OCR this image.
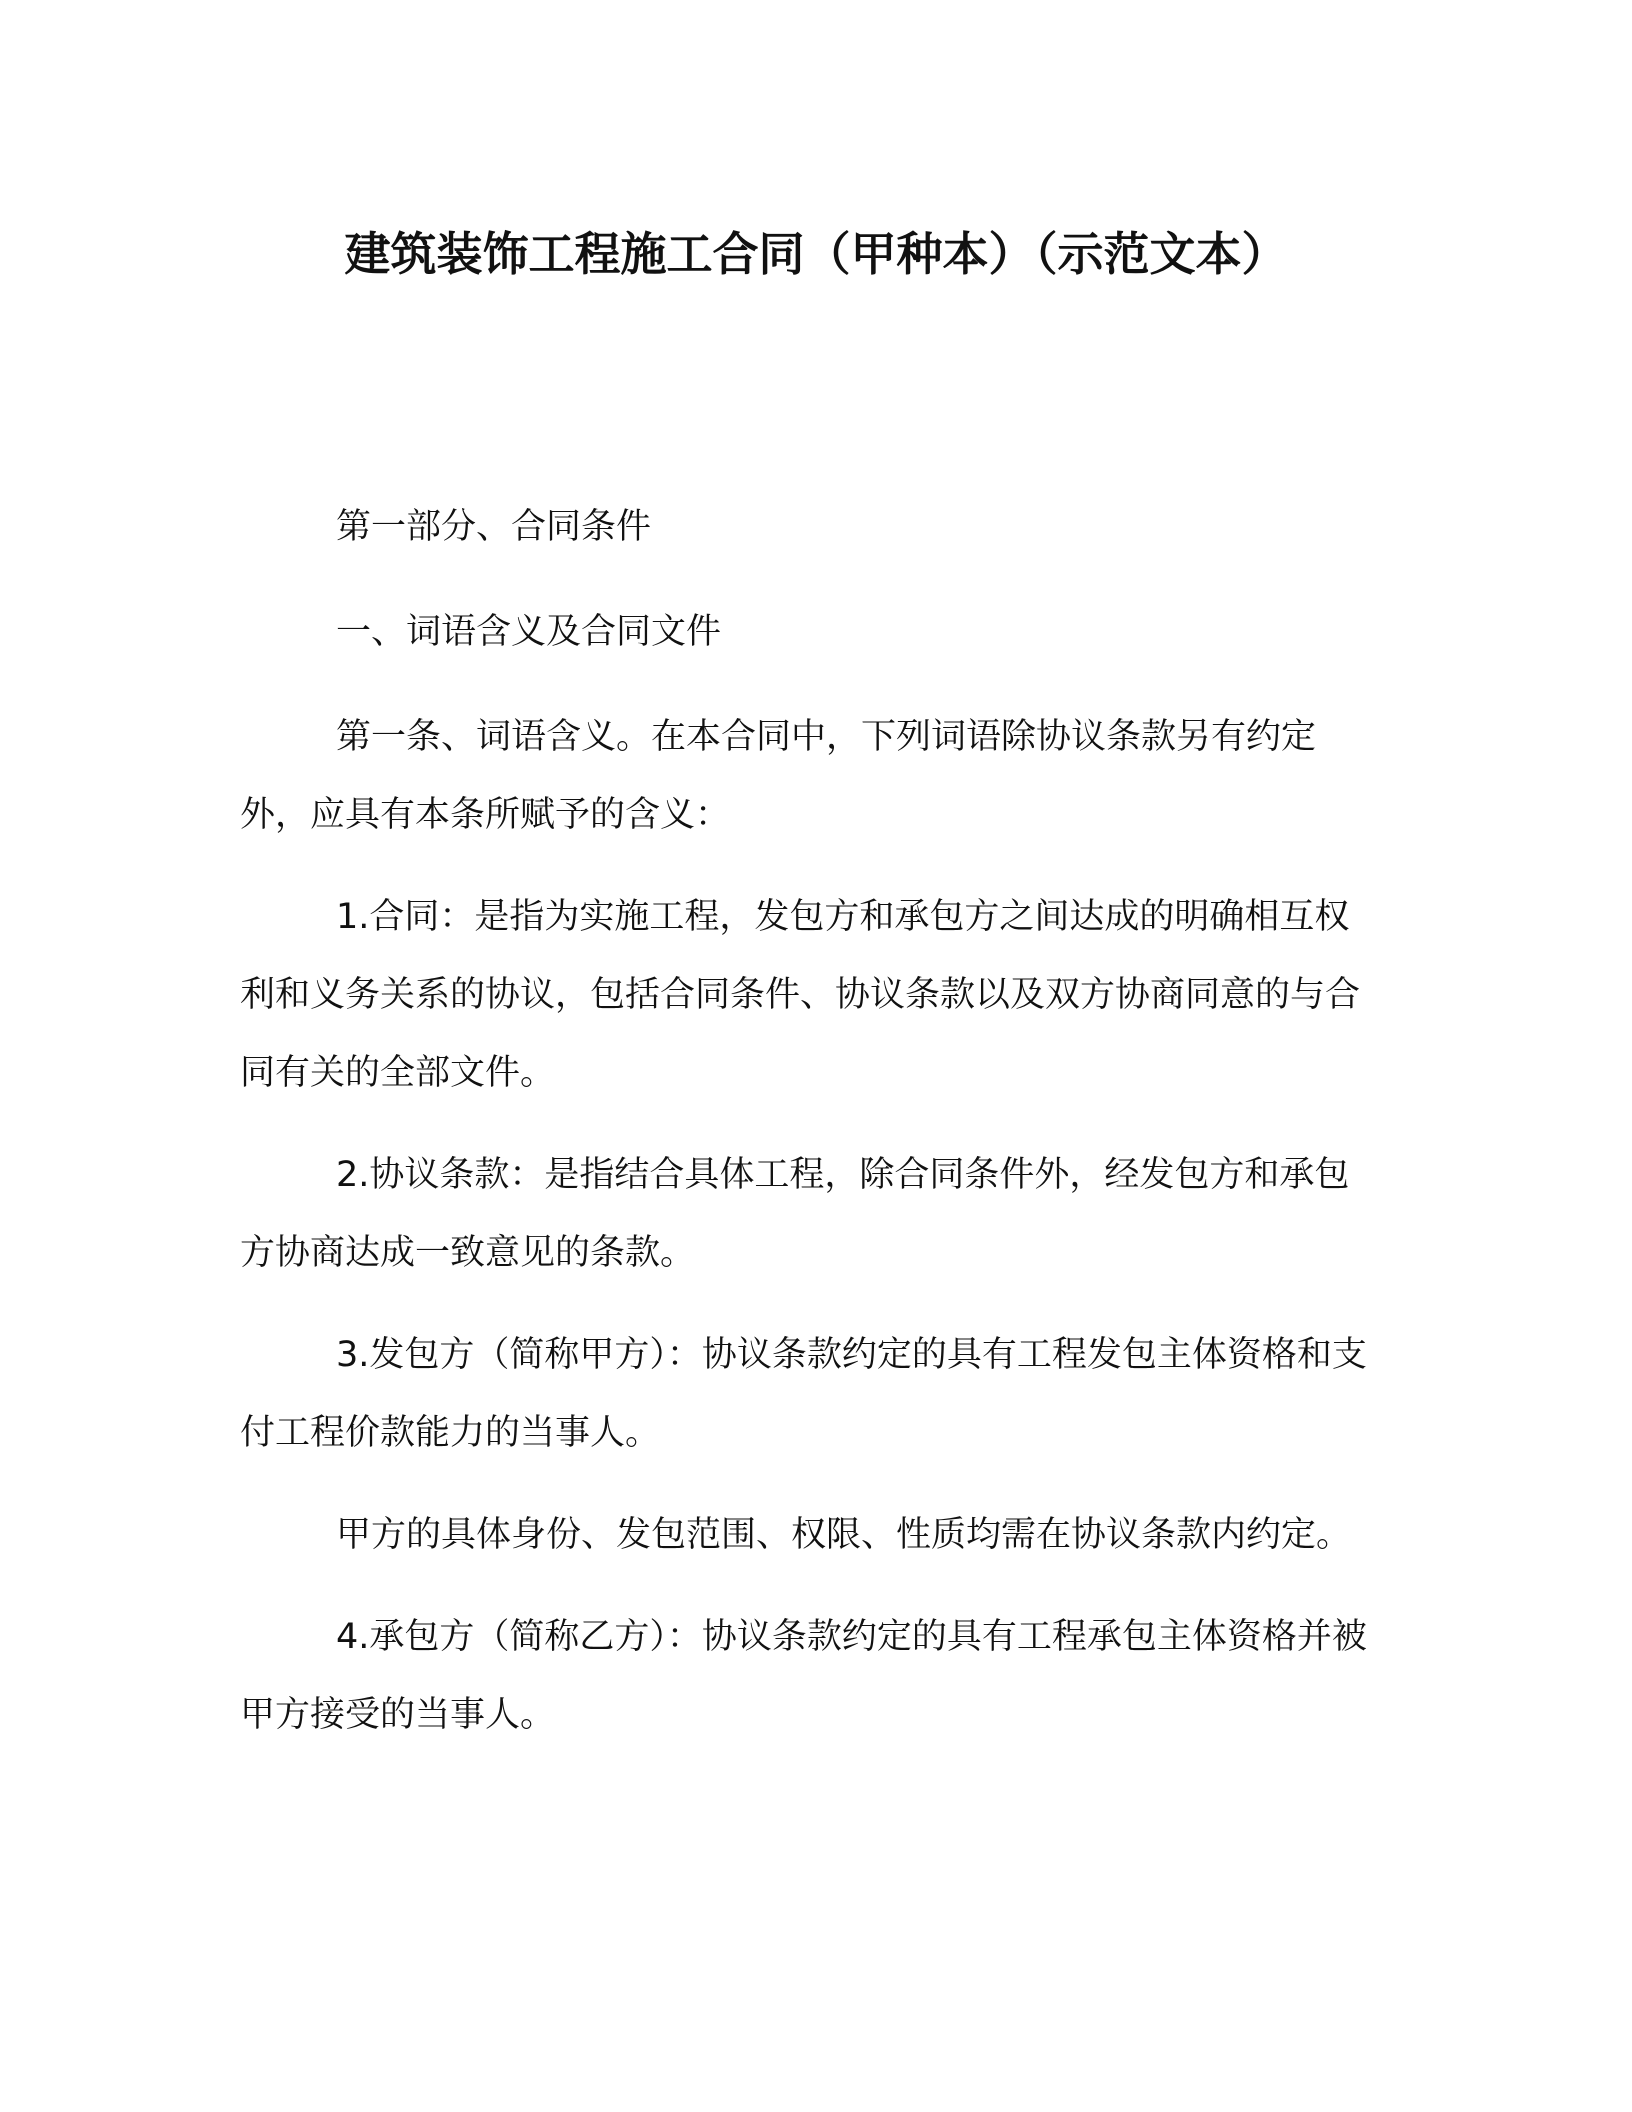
建筑装饰工程施工合同（甲种本）（示范文本）

第一部分、合同条件

一、词语含义及合同文件

第一条、词语含义。在本合同中，下列词语除协议条款另有约定外，应具有本条所赋予的含义：

1.合同：是指为实施工程，发包方和承包方之间达成的明确相互权利和义务关系的协议，包括合同条件、协议条款以及双方协商同意的与合同有关的全部文件。

2.协议条款：是指结合具体工程，除合同条件外，经发包方和承包方协商达成一致意见的条款。

3.发包方（简称甲方）：协议条款约定的具有工程发包主体资格和支付工程价款能力的当事人。

甲方的具体身份、发包范围、权限、性质均需在协议条款内约定。

4.承包方（简称乙方）：协议条款约定的具有工程承包主体资格并被甲方接受的当事人。
